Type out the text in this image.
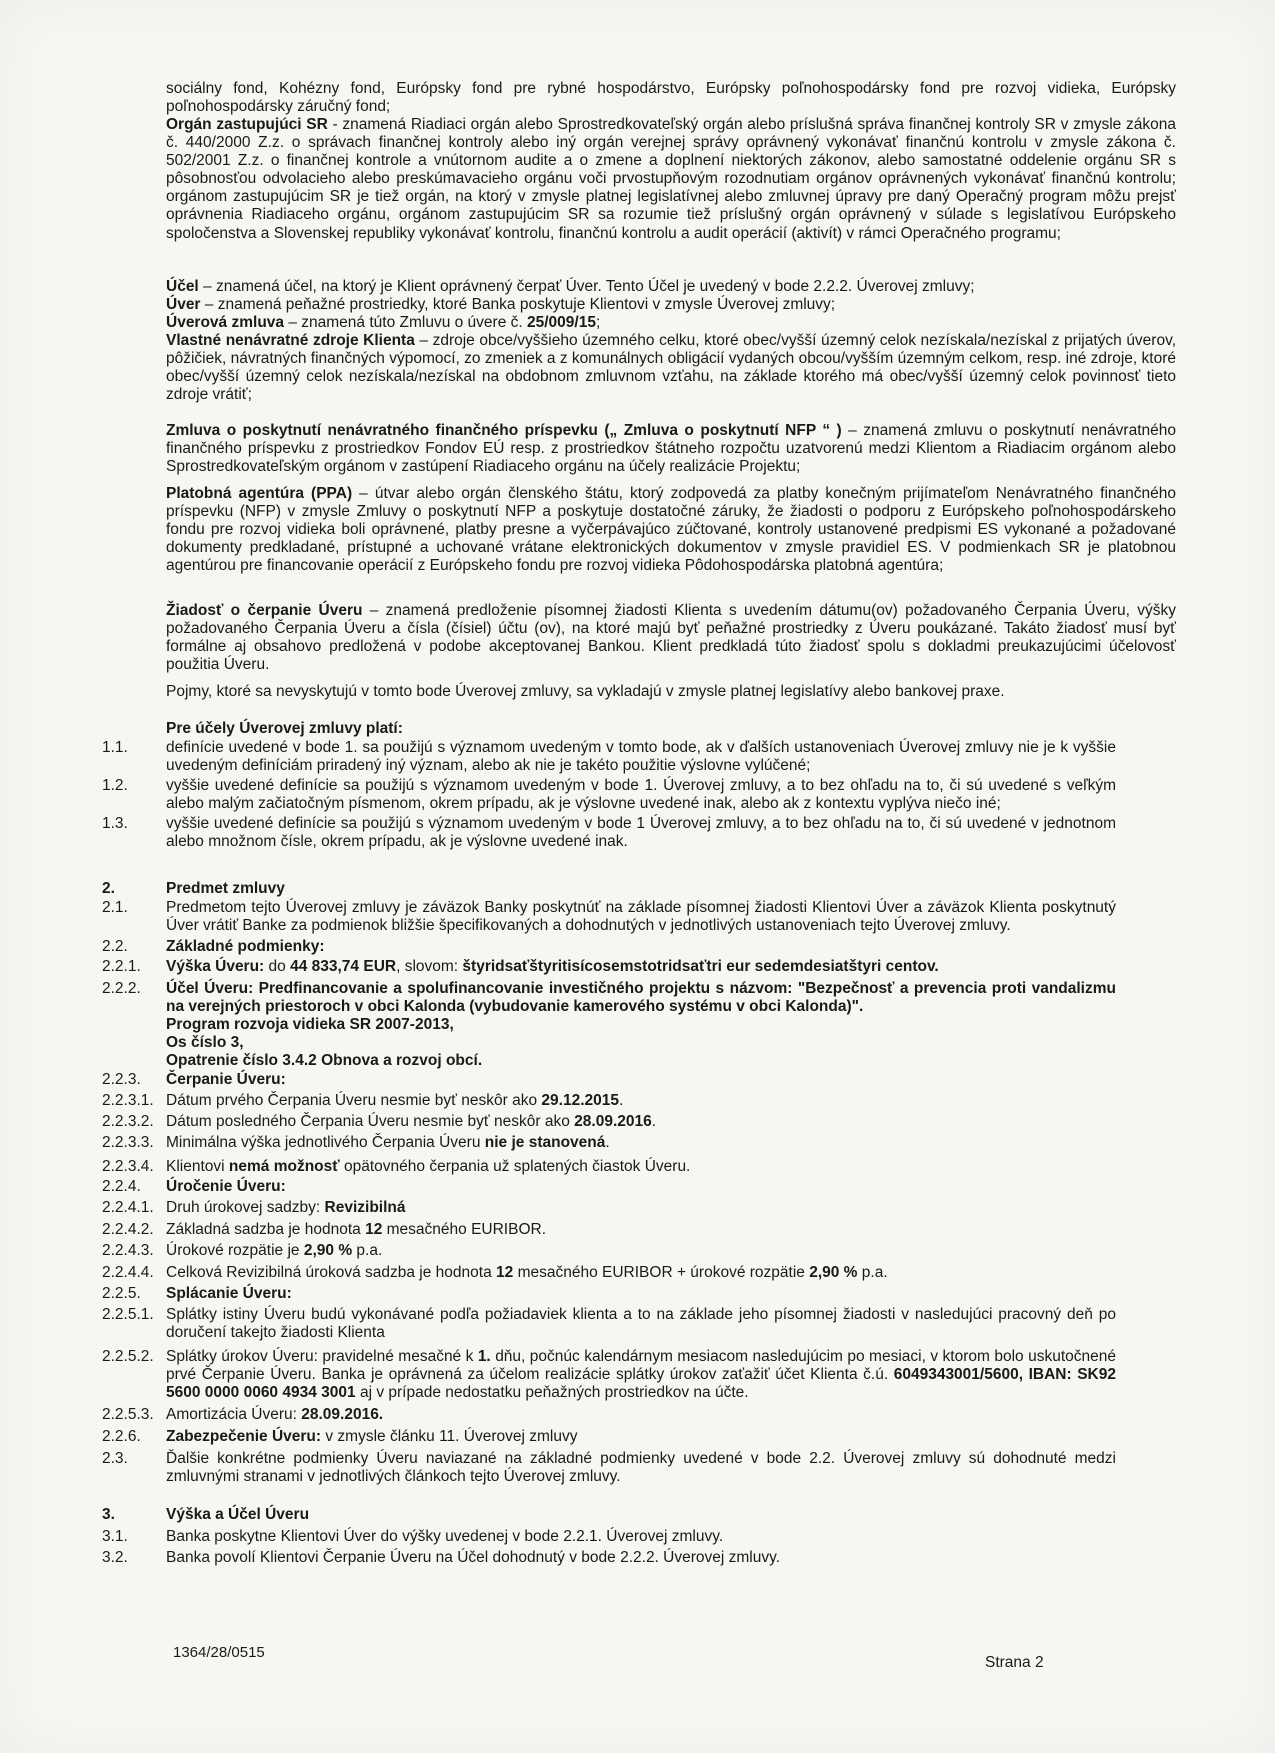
sociálny fond, Kohézny fond, Európsky fond pre rybné hospodárstvo, Európsky poľnohospodársky fond pre rozvoj vidieka, Európsky poľnohospodársky záručný fond;
Orgán zastupujúci SR - znamená Riadiaci orgán alebo Sprostredkovateľský orgán alebo príslušná správa finančnej kontroly SR v zmysle zákona č. 440/2000 Z.z. o správach finančnej kontroly alebo iný orgán verejnej správy oprávnený vykonávať finančnú kontrolu v zmysle zákona č. 502/2001 Z.z. o finančnej kontrole a vnútornom audite a o zmene a doplnení niektorých zákonov, alebo samostatné oddelenie orgánu SR s pôsobnosťou odvolacieho alebo preskúmavacieho orgánu voči prvostupňovým rozodnutiam orgánov oprávnených vykonávať finančnú kontrolu; orgánom zastupujúcim SR je tiež orgán, na ktorý v zmysle platnej legislatívnej alebo zmluvnej úpravy pre daný Operačný program môžu prejsť oprávnenia Riadiaceho orgánu, orgánom zastupujúcim SR sa rozumie tiež príslušný orgán oprávnený v súlade s legislatívou Európskeho spoločenstva a Slovenskej republiky vykonávať kontrolu, finančnú kontrolu a audit operácií (aktivít) v rámci Operačného programu;
Účel – znamená účel, na ktorý je Klient oprávnený čerpať Úver. Tento Účel je uvedený v bode 2.2.2. Úverovej zmluvy;
Úver – znamená peňažné prostriedky, ktoré Banka poskytuje Klientovi v zmysle Úverovej zmluvy;
Úverová zmluva – znamená túto Zmluvu o úvere č. 25/009/15;
Vlastné nenávratné zdroje Klienta – zdroje obce/vyššieho územného celku, ktoré obec/vyšší územný celok nezískala/nezískal z prijatých úverov, pôžičiek, návratných finančných výpomocí, zo zmeniek a z komunálnych obligácií vydaných obcou/vyšším územným celkom, resp. iné zdroje, ktoré obec/vyšší územný celok nezískala/nezískal na obdobnom zmluvnom vzťahu, na základe ktorého má obec/vyšší územný celok povinnosť tieto zdroje vrátiť;
Zmluva o poskytnutí nenávratného finančného príspevku („ Zmluva o poskytnutí NFP “ ) – znamená zmluvu o poskytnutí nenávratného finančného príspevku z prostriedkov Fondov EÚ resp. z prostriedkov štátneho rozpočtu uzatvorenú medzi Klientom a Riadiacim orgánom alebo Sprostredkovateľským orgánom v zastúpení Riadiaceho orgánu na účely realizácie Projektu;
Platobná agentúra (PPA) – útvar alebo orgán členského štátu, ktorý zodpovedá za platby konečným prijímateľom Nenávratného finančného príspevku (NFP) v zmysle Zmluvy o poskytnutí NFP a poskytuje dostatočné záruky, že žiadosti o podporu z Európskeho poľnohospodárskeho fondu pre rozvoj vidieka boli oprávnené, platby presne a vyčerpávajúco zúčtované, kontroly ustanovené predpismi ES vykonané a požadované dokumenty predkladané, prístupné a uchované vrátane elektronických dokumentov v zmysle pravidiel ES. V podmienkach SR je platobnou agentúrou pre financovanie operácií z Európskeho fondu pre rozvoj vidieka Pôdohospodárska platobná agentúra;
Žiadosť o čerpanie Úveru – znamená predloženie písomnej žiadosti Klienta s uvedením dátumu(ov) požadovaného Čerpania Úveru, výšky požadovaného Čerpania Úveru a čísla (čísiel) účtu (ov), na ktoré majú byť peňažné prostriedky z Úveru poukázané. Takáto žiadosť musí byť formálne aj obsahovo predložená v podobe akceptovanej Bankou. Klient predkladá túto žiadosť spolu s dokladmi preukazujúcimi účelovosť použitia Úveru.
Pojmy, ktoré sa nevyskytujú v tomto bode Úverovej zmluvy, sa vykladajú v zmysle platnej legislatívy alebo bankovej praxe.
Pre účely Úverovej zmluvy platí:
1.1.	definície uvedené v bode 1. sa použijú s významom uvedeným v tomto bode, ak v ďalších ustanoveniach Úverovej zmluvy nie je k vyššie uvedeným definíciám priradený iný význam, alebo ak nie je takéto použitie výslovne vylúčené;
1.2.	vyššie uvedené definície sa použijú s významom uvedeným v bode 1. Úverovej zmluvy, a to bez ohľadu na to, či sú uvedené s veľkým alebo malým začiatočným písmenom, okrem prípadu, ak je výslovne uvedené inak, alebo ak z kontextu vyplýva niečo iné;
1.3.	vyššie uvedené definície sa použijú s významom uvedeným v bode 1 Úverovej zmluvy, a to bez ohľadu na to, či sú uvedené v jednotnom alebo množnom čísle, okrem prípadu, ak je výslovne uvedené inak.
2.	Predmet zmluvy
2.1.	Predmetom tejto Úverovej zmluvy je záväzok Banky poskytnúť na základe písomnej žiadosti Klientovi Úver a záväzok Klienta poskytnutý Úver vrátiť Banke za podmienok bližšie špecifikovaných a dohodnutých v jednotlivých ustanoveniach tejto Úverovej zmluvy.
2.2.	Základné podmienky:
2.2.1.	Výška Úveru: do 44 833,74 EUR, slovom: štyridsaťštyritisícosemstotridsaťtri eur sedemdesiatštyri centov.
2.2.2.	Účel Úveru: Predfinancovanie a spolufinancovanie investičného projektu s názvom: "Bezpečnosť a prevencia proti vandalizmu na verejných priestoroch v obci Kalonda (vybudovanie kamerového systému v obci Kalonda)".
Program rozvoja vidieka SR 2007-2013,
Os číslo 3,
Opatrenie číslo 3.4.2 Obnova a rozvoj obcí.
2.2.3.	Čerpanie Úveru:
2.2.3.1. Dátum prvého Čerpania Úveru nesmie byť neskôr ako 29.12.2015.
2.2.3.2. Dátum posledného Čerpania Úveru nesmie byť neskôr ako 28.09.2016.
2.2.3.3. Minimálna výška jednotlivého Čerpania Úveru nie je stanovená.
2.2.3.4. Klientovi nemá možnosť opätovného čerpania už splatených čiastok Úveru.
2.2.4.	Úročenie Úveru:
2.2.4.1. Druh úrokovej sadzby: Revizibilná
2.2.4.2. Základná sadzba je hodnota 12 mesačného EURIBOR.
2.2.4.3. Úrokové rozpätie je 2,90 % p.a.
2.2.4.4. Celková Revizibilná úroková sadzba je hodnota 12 mesačného EURIBOR + úrokové rozpätie 2,90 % p.a.
2.2.5.	Splácanie Úveru:
2.2.5.1. Splátky istiny Úveru budú vykonávané podľa požiadaviek klienta a to na základe jeho písomnej žiadosti v nasledujúci pracovný deň po doručení takejto žiadosti Klienta
2.2.5.2. Splátky úrokov Úveru: pravidelné mesačné k 1. dňu, počnúc kalendárnym mesiacom nasledujúcim po mesiaci, v ktorom bolo uskutočnené prvé Čerpanie Úveru. Banka je oprávnená za účelom realizácie splátky úrokov zaťažiť účet Klienta č.ú. 6049343001/5600, IBAN: SK92 5600 0000 0060 4934 3001 aj v prípade nedostatku peňažných prostriedkov na účte.
2.2.5.3. Amortizácia Úveru: 28.09.2016.
2.2.6.	Zabezpečenie Úveru: v zmysle článku 11. Úverovej zmluvy
2.3.	Ďalšie konkrétne podmienky Úveru naviazané na základné podmienky uvedené v bode 2.2. Úverovej zmluvy sú dohodnuté medzi zmluvnými stranami v jednotlivých článkoch tejto Úverovej zmluvy.
3.	Výška a Účel Úveru
3.1.	Banka poskytne Klientovi Úver do výšky uvedenej v bode 2.2.1. Úverovej zmluvy.
3.2.	Banka povolí Klientovi Čerpanie Úveru na Účel dohodnutý v bode 2.2.2. Úverovej zmluvy.
1364/28/0515
Strana 2
